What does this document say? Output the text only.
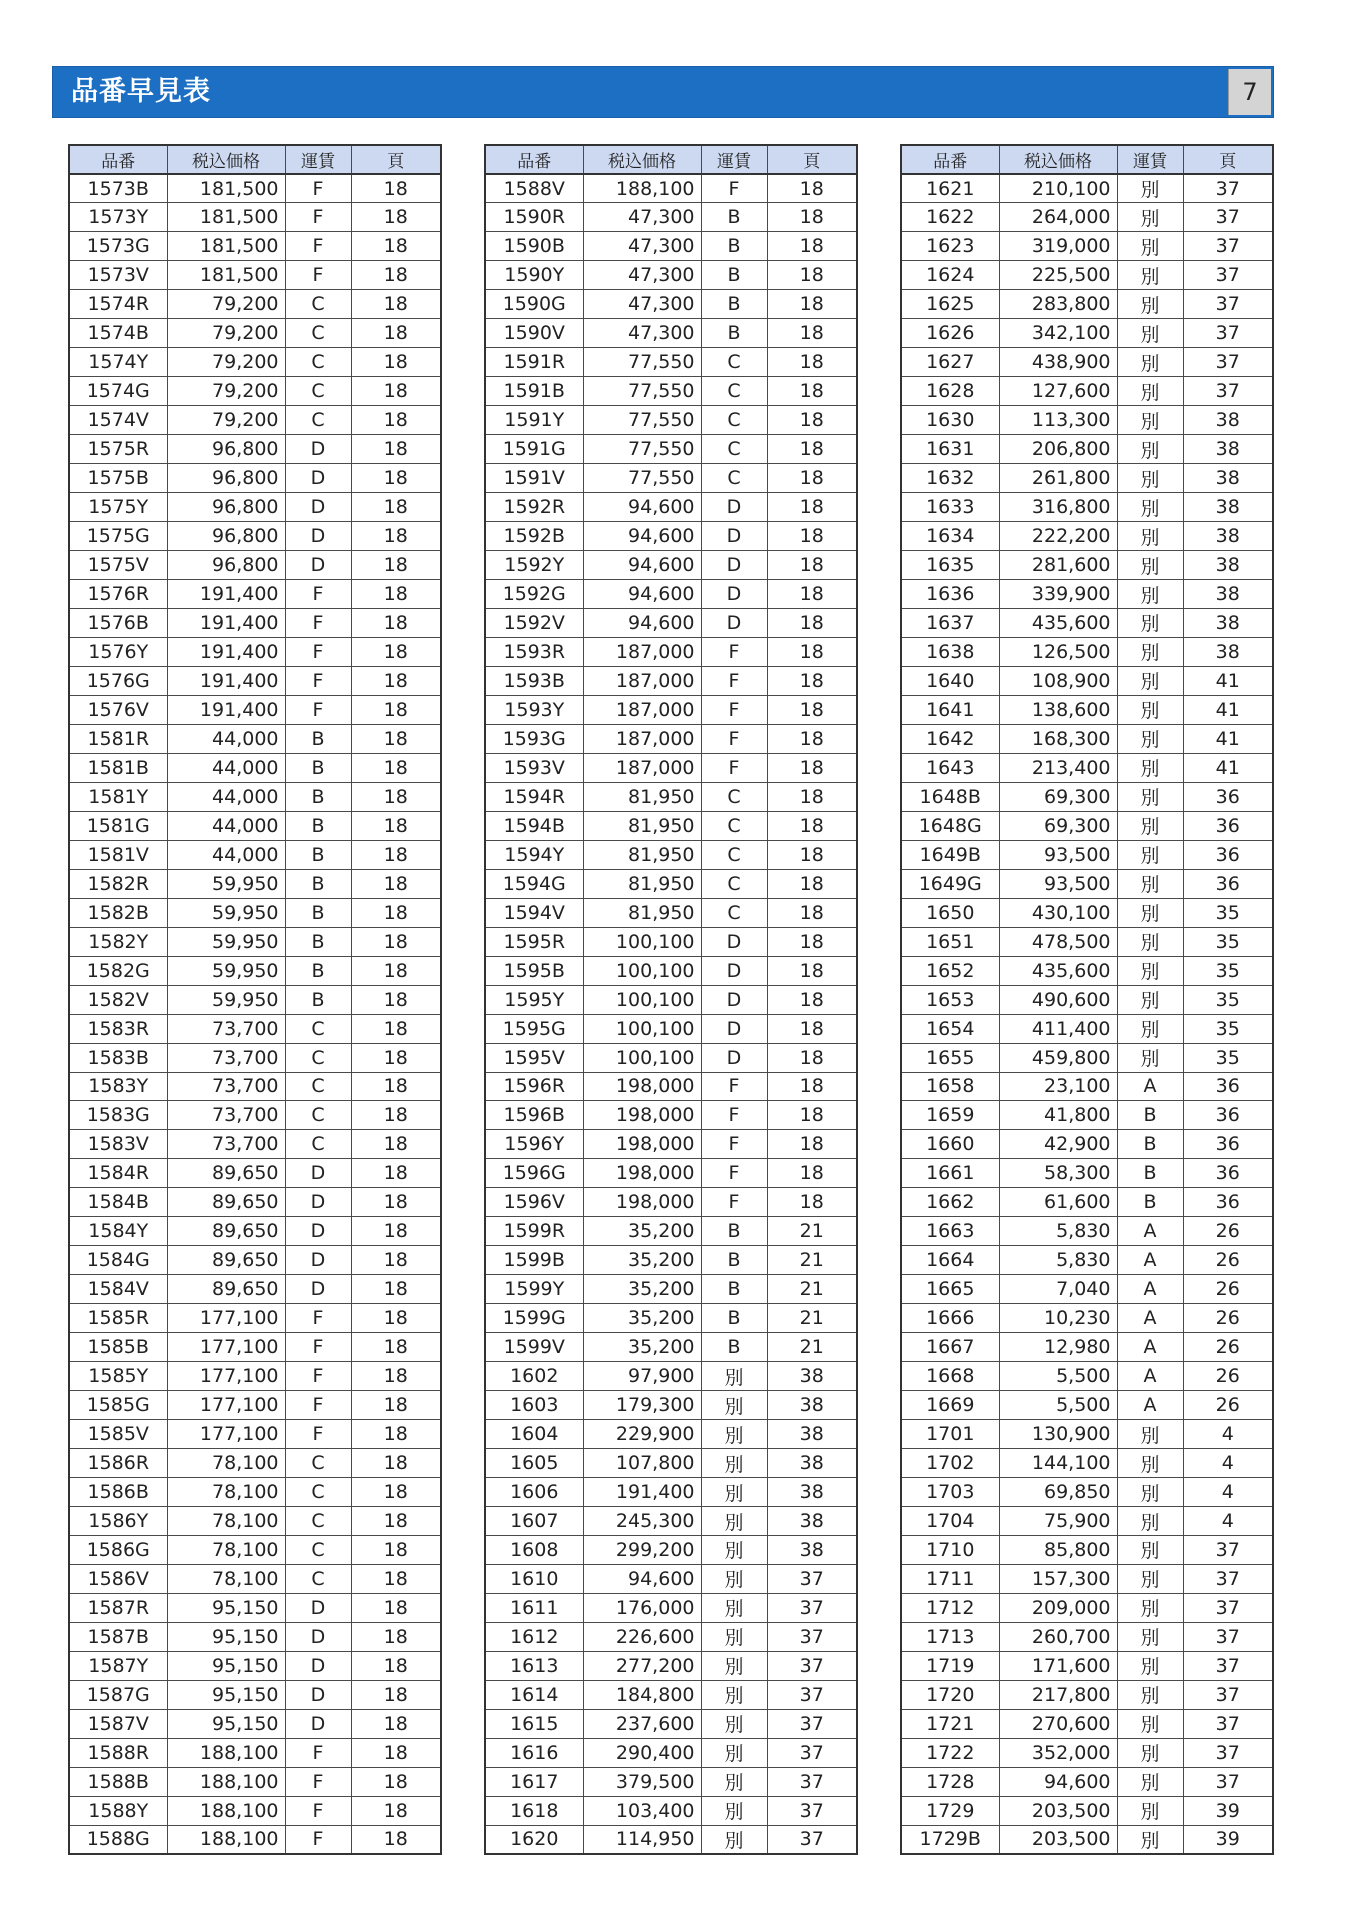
品番早見表	7
品番	税込価格	運賃	頁
1573B	181,500	F	18
1573Y	181,500	F	18
1573G	181,500	F	18
1573V	181,500	F	18
1574R	79,200	C	18
1574B	79,200	C	18
1574Y	79,200	C	18
1574G	79,200	C	18
1574V	79,200	C	18
1575R	96,800	D	18
1575B	96,800	D	18
1575Y	96,800	D	18
1575G	96,800	D	18
1575V	96,800	D	18
1576R	191,400	F	18
1576B	191,400	F	18
1576Y	191,400	F	18
1576G	191,400	F	18
1576V	191,400	F	18
1581R	44,000	B	18
1581B	44,000	B	18
1581Y	44,000	B	18
1581G	44,000	B	18
1581V	44,000	B	18
1582R	59,950	B	18
1582B	59,950	B	18
1582Y	59,950	B	18
1582G	59,950	B	18
1582V	59,950	B	18
1583R	73,700	C	18
1583B	73,700	C	18
1583Y	73,700	C	18
1583G	73,700	C	18
1583V	73,700	C	18
1584R	89,650	D	18
1584B	89,650	D	18
1584Y	89,650	D	18
1584G	89,650	D	18
1584V	89,650	D	18
1585R	177,100	F	18
1585B	177,100	F	18
1585Y	177,100	F	18
1585G	177,100	F	18
1585V	177,100	F	18
1586R	78,100	C	18
1586B	78,100	C	18
1586Y	78,100	C	18
1586G	78,100	C	18
1586V	78,100	C	18
1587R	95,150	D	18
1587B	95,150	D	18
1587Y	95,150	D	18
1587G	95,150	D	18
1587V	95,150	D	18
1588R	188,100	F	18
1588B	188,100	F	18
1588Y	188,100	F	18
1588G	188,100	F	18
品番	税込価格	運賃	頁
1588V	188,100	F	18
1590R	47,300	B	18
1590B	47,300	B	18
1590Y	47,300	B	18
1590G	47,300	B	18
1590V	47,300	B	18
1591R	77,550	C	18
1591B	77,550	C	18
1591Y	77,550	C	18
1591G	77,550	C	18
1591V	77,550	C	18
1592R	94,600	D	18
1592B	94,600	D	18
1592Y	94,600	D	18
1592G	94,600	D	18
1592V	94,600	D	18
1593R	187,000	F	18
1593B	187,000	F	18
1593Y	187,000	F	18
1593G	187,000	F	18
1593V	187,000	F	18
1594R	81,950	C	18
1594B	81,950	C	18
1594Y	81,950	C	18
1594G	81,950	C	18
1594V	81,950	C	18
1595R	100,100	D	18
1595B	100,100	D	18
1595Y	100,100	D	18
1595G	100,100	D	18
1595V	100,100	D	18
1596R	198,000	F	18
1596B	198,000	F	18
1596Y	198,000	F	18
1596G	198,000	F	18
1596V	198,000	F	18
1599R	35,200	B	21
1599B	35,200	B	21
1599Y	35,200	B	21
1599G	35,200	B	21
1599V	35,200	B	21
1602	97,900	別	38
1603	179,300	別	38
1604	229,900	別	38
1605	107,800	別	38
1606	191,400	別	38
1607	245,300	別	38
1608	299,200	別	38
1610	94,600	別	37
1611	176,000	別	37
1612	226,600	別	37
1613	277,200	別	37
1614	184,800	別	37
1615	237,600	別	37
1616	290,400	別	37
1617	379,500	別	37
1618	103,400	別	37
1620	114,950	別	37
品番	税込価格	運賃	頁
1621	210,100	別	37
1622	264,000	別	37
1623	319,000	別	37
1624	225,500	別	37
1625	283,800	別	37
1626	342,100	別	37
1627	438,900	別	37
1628	127,600	別	37
1630	113,300	別	38
1631	206,800	別	38
1632	261,800	別	38
1633	316,800	別	38
1634	222,200	別	38
1635	281,600	別	38
1636	339,900	別	38
1637	435,600	別	38
1638	126,500	別	38
1640	108,900	別	41
1641	138,600	別	41
1642	168,300	別	41
1643	213,400	別	41
1648B	69,300	別	36
1648G	69,300	別	36
1649B	93,500	別	36
1649G	93,500	別	36
1650	430,100	別	35
1651	478,500	別	35
1652	435,600	別	35
1653	490,600	別	35
1654	411,400	別	35
1655	459,800	別	35
1658	23,100	A	36
1659	41,800	B	36
1660	42,900	B	36
1661	58,300	B	36
1662	61,600	B	36
1663	5,830	A	26
1664	5,830	A	26
1665	7,040	A	26
1666	10,230	A	26
1667	12,980	A	26
1668	5,500	A	26
1669	5,500	A	26
1701	130,900	別	4
1702	144,100	別	4
1703	69,850	別	4
1704	75,900	別	4
1710	85,800	別	37
1711	157,300	別	37
1712	209,000	別	37
1713	260,700	別	37
1719	171,600	別	37
1720	217,800	別	37
1721	270,600	別	37
1722	352,000	別	37
1728	94,600	別	37
1729	203,500	別	39
1729B	203,500	別	39
